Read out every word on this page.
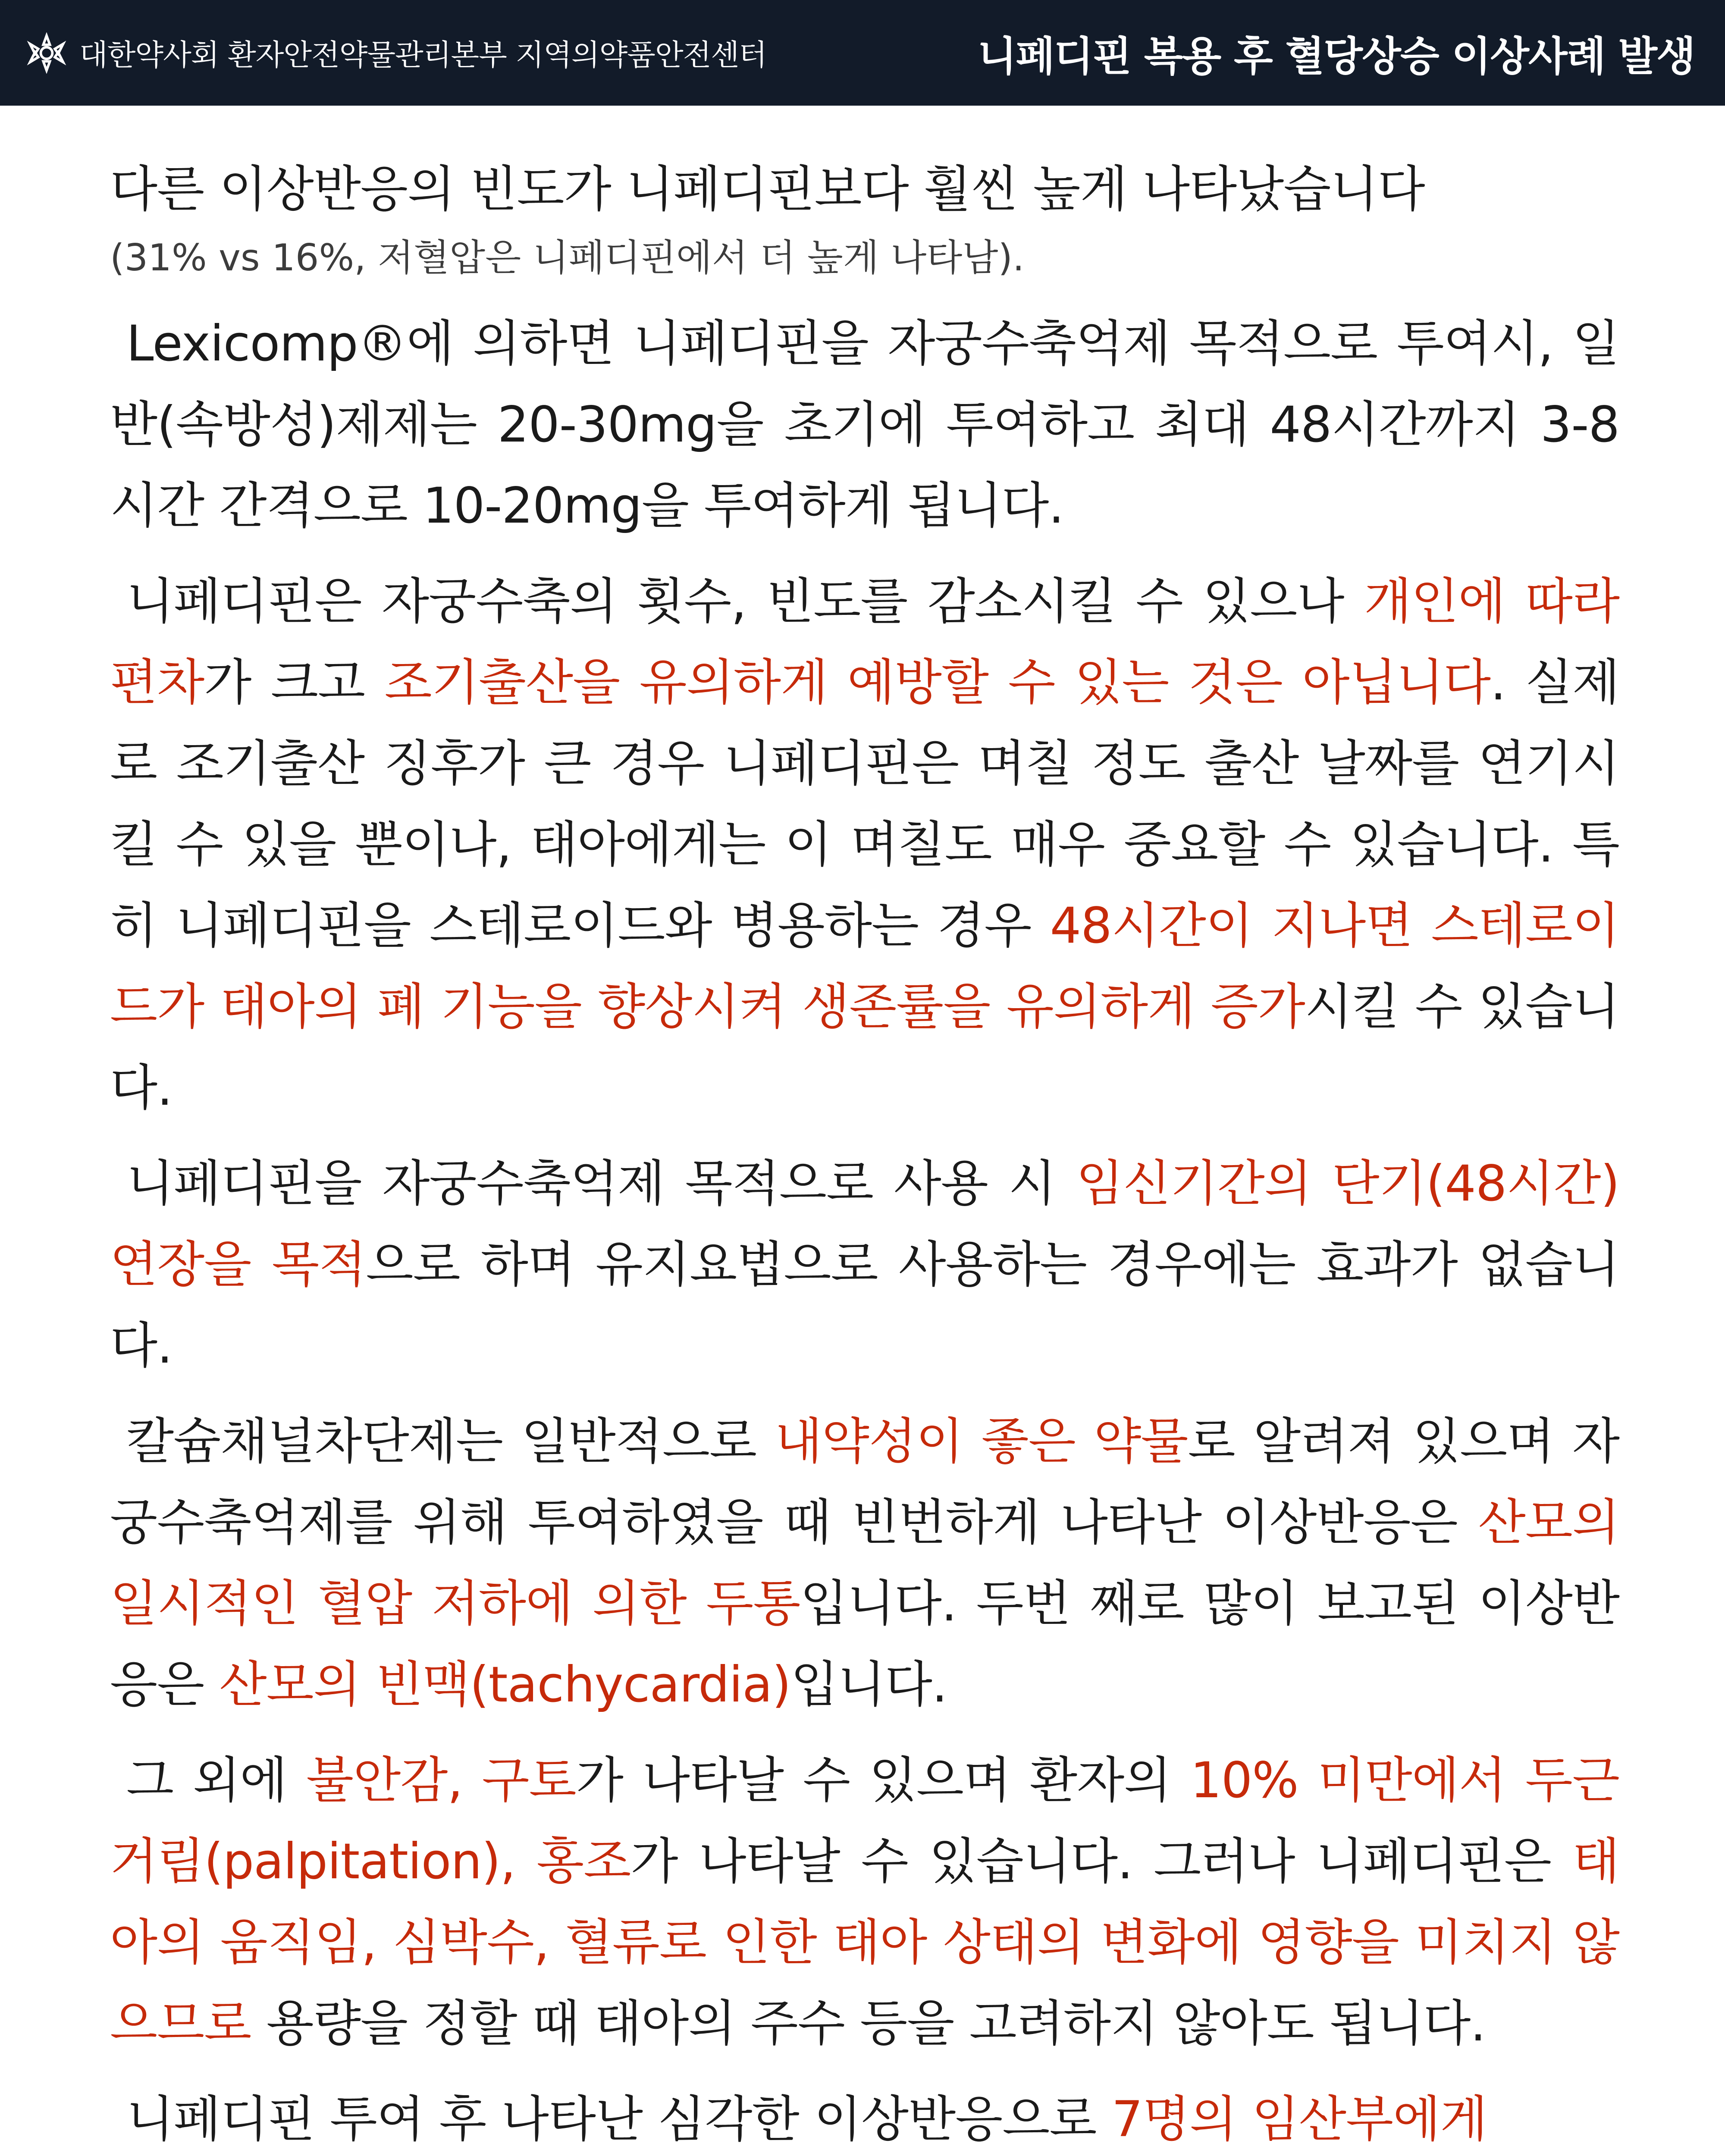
대한약사회 환자안전약물관리본부 지역의약품안전센터	니페디핀 복용 후 혈당상승 이상사례 발생

다른 이상반응의 빈도가 니페디핀보다 훨씬 높게 나타났습니다

(31% vs 16%, 저혈압은 니페디핀에서 더 높게 나타남).

Lexicomp®에 의하면 니페디핀을 자궁수축억제 목적으로 투여시, 일반(속방성)제제는 20-30mg을 초기에 투여하고 최대 48시간까지 3-8시간 간격으로 10-20mg을 투여하게 됩니다.

니페디핀은 자궁수축의 횟수, 빈도를 감소시킬 수 있으나 개인에 따라 편차가 크고 조기출산을 유의하게 예방할 수 있는 것은 아닙니다. 실제로 조기출산 징후가 큰 경우 니페디핀은 며칠 정도 출산 날짜를 연기시킬 수 있을 뿐이나, 태아에게는 이 며칠도 매우 중요할 수 있습니다. 특히 니페디핀을 스테로이드와 병용하는 경우 48시간이 지나면 스테로이드가 태아의 폐 기능을 향상시켜 생존률을 유의하게 증가시킬 수 있습니다.

니페디핀을 자궁수축억제 목적으로 사용 시 임신기간의 단기(48시간) 연장을 목적으로 하며 유지요법으로 사용하는 경우에는 효과가 없습니다.

칼슘채널차단제는 일반적으로 내약성이 좋은 약물로 알려져 있으며 자궁수축억제를 위해 투여하였을 때 빈번하게 나타난 이상반응은 산모의 일시적인 혈압 저하에 의한 두통입니다. 두번 째로 많이 보고된 이상반응은 산모의 빈맥(tachycardia)입니다.

그 외에 불안감, 구토가 나타날 수 있으며 환자의 10% 미만에서 두근거림(palpitation), 홍조가 나타날 수 있습니다. 그러나 니페디핀은 태아의 움직임, 심박수, 혈류로 인한 태아 상태의 변화에 영향을 미치지 않으므로 용량을 정할 때 태아의 주수 등을 고려하지 않아도 됩니다.

니페디핀 투여 후 나타난 심각한 이상반응으로 7명의 임산부에게
